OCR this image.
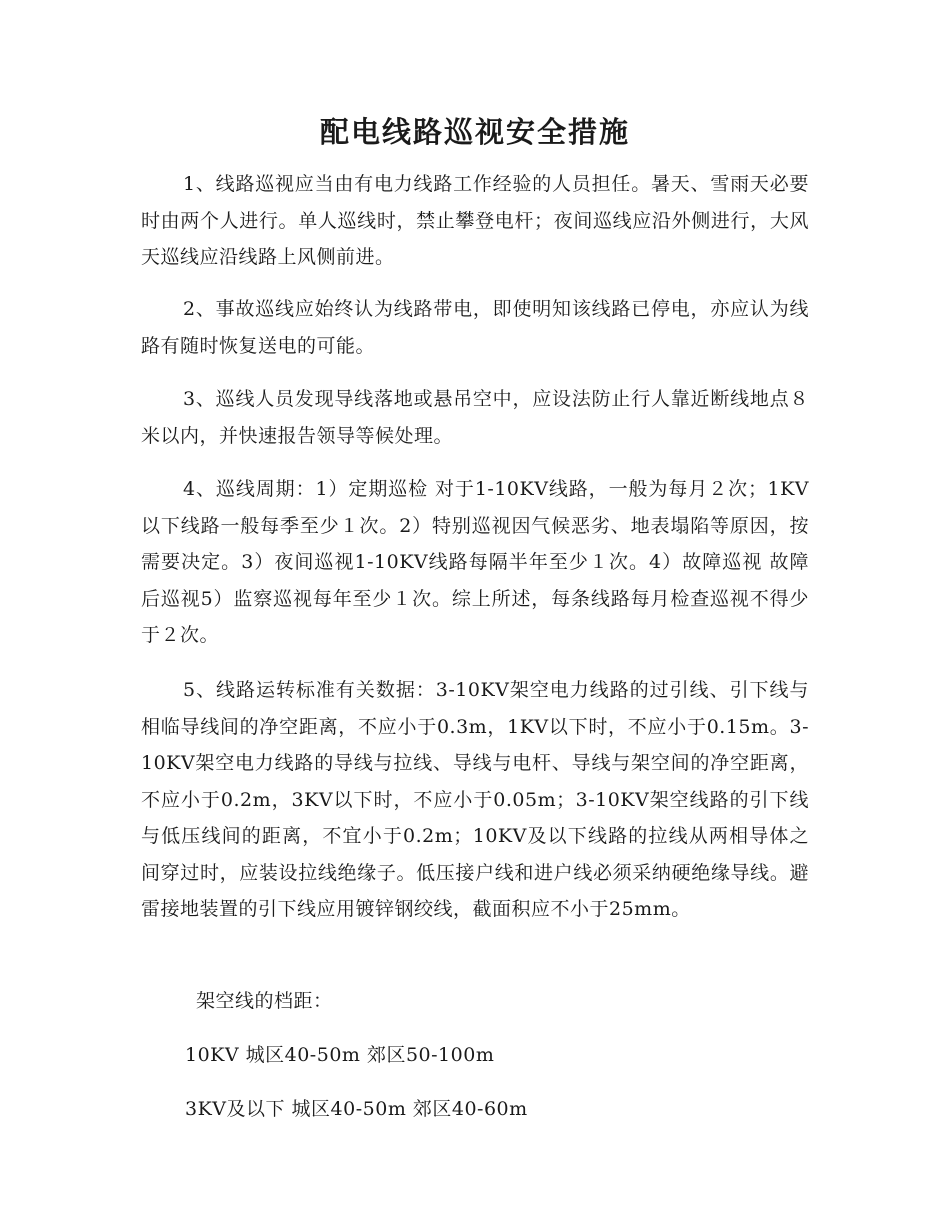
配电线路巡视安全措施

1、线路巡视应当由有电力线路工作经验的人员担任。暑天、雪雨天必要时由两个人进行。单人巡线时，禁止攀登电杆；夜间巡线应沿外侧进行，大风天巡线应沿线路上风侧前进。

2、事故巡线应始终认为线路带电，即使明知该线路已停电，亦应认为线路有随时恢复送电的可能。

3、巡线人员发现导线落地或悬吊空中，应设法防止行人靠近断线地点８米以内，并快速报告领导等候处理。

4、巡线周期：1）定期巡检 对于1-10KV线路，一般为每月２次；1KV以下线路一般每季至少１次。2）特别巡视因气候恶劣、地表塌陷等原因，按需要决定。3）夜间巡视1-10KV线路每隔半年至少１次。4）故障巡视 故障后巡视5）监察巡视每年至少１次。综上所述，每条线路每月检查巡视不得少于２次。

5、线路运转标准有关数据：3-10KV架空电力线路的过引线、引下线与相临导线间的净空距离，不应小于0.3m，1KV以下时，不应小于0.15m。3-10KV架空电力线路的导线与拉线、导线与电杆、导线与架空间的净空距离，不应小于0.2m，3KV以下时，不应小于0.05m；3-10KV架空线路的引下线与低压线间的距离，不宜小于0.2m；10KV及以下线路的拉线从两相导体之间穿过时，应装设拉线绝缘子。低压接户线和进户线必须采纳硬绝缘导线。避雷接地装置的引下线应用镀锌钢绞线，截面积应不小于25mm。

架空线的档距：

10KV 城区40-50m 郊区50-100m

3KV及以下 城区40-50m 郊区40-60m
